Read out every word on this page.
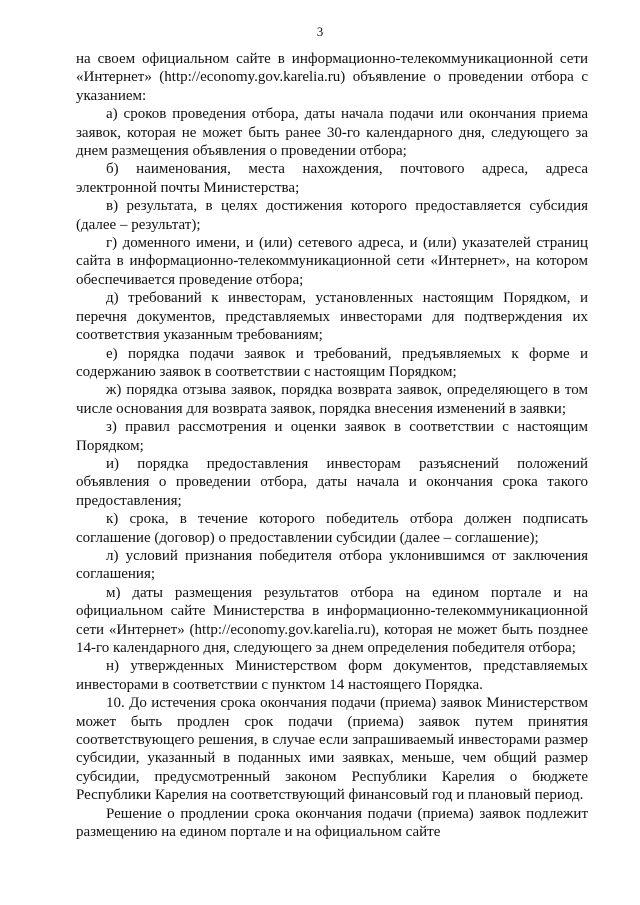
3

на своем официальном сайте в информационно-телекоммуникационной сети «Интернет» (http://economy.gov.karelia.ru) объявление о проведении отбора с указанием:

а) сроков проведения отбора, даты начала подачи или окончания приема заявок, которая не может быть ранее 30-го календарного дня, следующего за днем размещения объявления о проведении отбора;

б) наименования, места нахождения, почтового адреса, адреса электронной почты Министерства;

в) результата, в целях достижения которого предоставляется субсидия (далее – результат);

г) доменного имени, и (или) сетевого адреса, и (или) указателей страниц сайта в информационно-телекоммуникационной сети «Интернет», на котором обеспечивается проведение отбора;

д) требований к инвесторам, установленных настоящим Порядком, и перечня документов, представляемых инвесторами для подтверждения их соответствия указанным требованиям;

е) порядка подачи заявок и требований, предъявляемых к форме и содержанию заявок в соответствии с настоящим Порядком;

ж) порядка отзыва заявок, порядка возврата заявок, определяющего в том числе основания для возврата заявок, порядка внесения изменений в заявки;

з) правил рассмотрения и оценки заявок в соответствии с настоящим Порядком;

и) порядка предоставления инвесторам разъяснений положений объявления о проведении отбора, даты начала и окончания срока такого предоставления;

к) срока, в течение которого победитель отбора должен подписать соглашение (договор) о предоставлении субсидии (далее – соглашение);

л) условий признания победителя отбора уклонившимся от заключения соглашения;

м) даты размещения результатов отбора на едином портале и на официальном сайте Министерства в информационно-телекоммуникационной сети «Интернет» (http://economy.gov.karelia.ru), которая не может быть позднее 14-го календарного дня, следующего за днем определения победителя отбора;

н) утвержденных Министерством форм документов, представляемых инвесторами в соответствии с пунктом 14 настоящего Порядка.

10. До истечения срока окончания подачи (приема) заявок Министерством может быть продлен срок подачи (приема) заявок путем принятия соответствующего решения, в случае если запрашиваемый инвесторами размер субсидии, указанный в поданных ими заявках, меньше, чем общий размер субсидии, предусмотренный законом Республики Карелия о бюджете Республики Карелия на соответствующий финансовый год и плановый период.

Решение о продлении срока окончания подачи (приема) заявок подлежит размещению на едином портале и на официальном сайте
